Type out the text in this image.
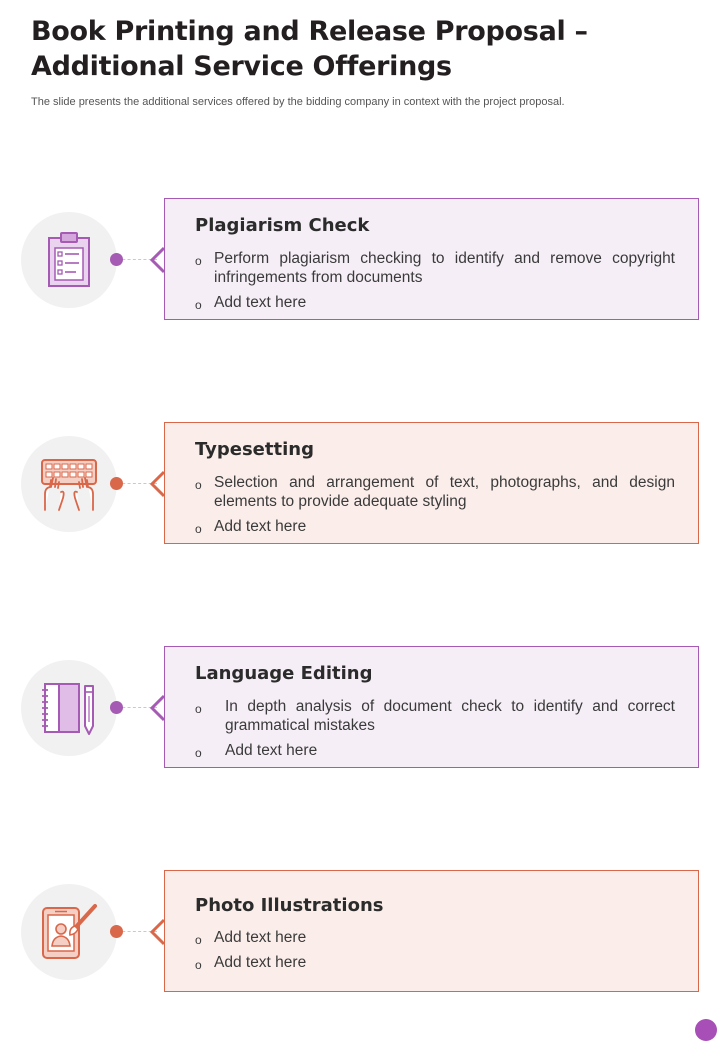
Book Printing and Release Proposal – Additional Service Offerings
The slide presents the additional services offered by the bidding company in context with the project proposal.
Plagiarism Check
o Perform plagiarism checking to identify and remove copyright infringements from documents
o Add text here
Typesetting
o Selection and arrangement of text, photographs, and design elements to provide adequate styling
o Add text here
Language Editing
o In depth analysis of document check to identify and correct grammatical mistakes
o Add text here
Photo Illustrations
o Add text here
o Add text here
